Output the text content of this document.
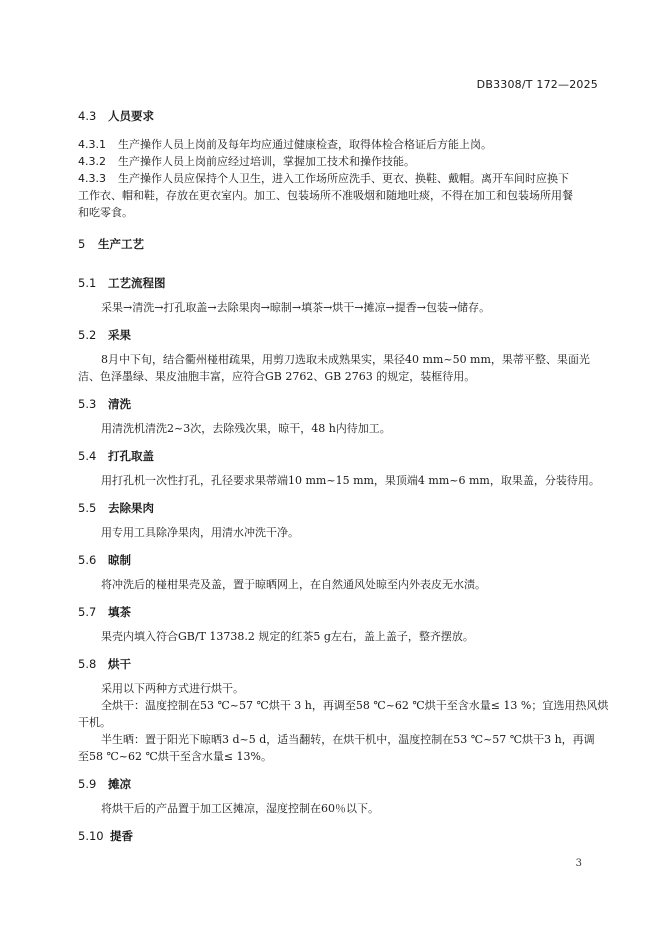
DB3308/T 172—2025
4.3 人员要求
4.3.1 生产操作人员上岗前及每年均应通过健康检查，取得体检合格证后方能上岗。
4.3.2 生产操作人员上岗前应经过培训，掌握加工技术和操作技能。
4.3.3 生产操作人员应保持个人卫生，进入工作场所应洗手、更衣、换鞋、戴帽。离开车间时应换下
工作衣、帽和鞋，存放在更衣室内。加工、包装场所不准吸烟和随地吐痰，不得在加工和包装场所用餐
和吃零食。
5 生产工艺
5.1 工艺流程图
采果→清洗→打孔取盖→去除果肉→晾制→填茶→烘干→摊凉→提香→包装→储存。
5.2 采果
8月中下旬，结合衢州椪柑疏果，用剪刀选取未成熟果实，果径40 mm~50 mm，果蒂平整、果面光
洁、色泽墨绿、果皮油胞丰富，应符合GB 2762、GB 2763 的规定，装框待用。
5.3 清洗
用清洗机清洗2~3次，去除残次果，晾干，48 h内待加工。
5.4 打孔取盖
用打孔机一次性打孔，孔径要求果蒂端10 mm~15 mm，果顶端4 mm~6 mm，取果盖，分装待用。
5.5 去除果肉
用专用工具除净果肉，用清水冲洗干净。
5.6 晾制
将冲洗后的椪柑果壳及盖，置于晾晒网上，在自然通风处晾至内外表皮无水渍。
5.7 填茶
果壳内填入符合GB/T 13738.2 规定的红茶5 g左右，盖上盖子，整齐摆放。
5.8 烘干
采用以下两种方式进行烘干。
全烘干：温度控制在53 ℃~57 ℃烘干 3 h，再调至58 ℃~62 ℃烘干至含水量≤ 13 %；宜选用热风烘
干机。
半生晒：置于阳光下晾晒3 d~5 d，适当翻转，在烘干机中，温度控制在53 ℃~57 ℃烘干3 h，再调
至58 ℃~62 ℃烘干至含水量≤ 13%。
5.9 摊凉
将烘干后的产品置于加工区摊凉，湿度控制在60％以下。
5.10 提香
3
